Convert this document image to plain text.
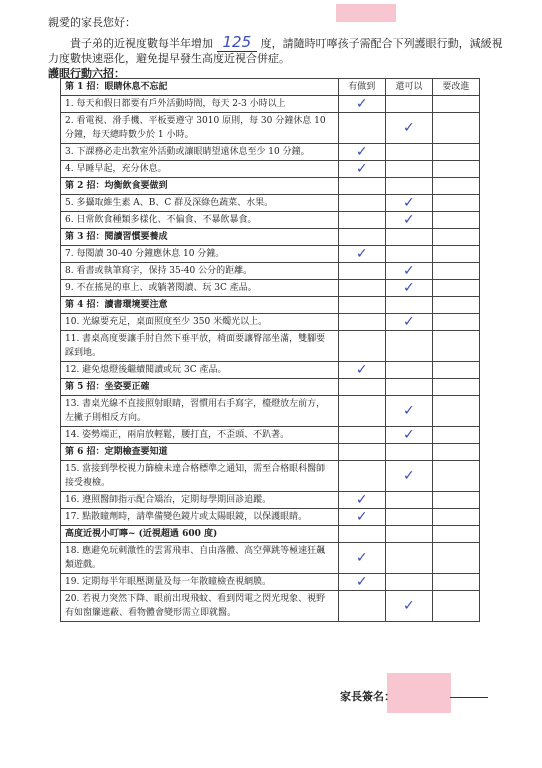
親愛的家長您好：
貴子弟的近視度數每半年增加 125 度，請隨時叮嚀孩子需配合下列護眼行動，減緩視
力度數快速惡化，避免提早發生高度近視合併症。
護眼行動六招：
第 1 招：眼睛休息不忘記	有做到	還可以	要改進
1. 每天和假日都要有戶外活動時間，每天 2-3 小時以上	✓		
2. 看電視、滑手機、平板要遵守 3010 原則，每 30 分鐘休息 10 分鐘，每天總時數少於 1 小時。		✓	
3. 下課務必走出教室外活動或讓眼睛望遠休息至少 10 分鐘。	✓		
4. 早睡早起，充分休息。	✓		
第 2 招：均衡飲食要做到			
5. 多攝取維生素 A、B、C 群及深綠色蔬菜、水果。		✓	
6. 日常飲食種類多樣化、不偏食、不暴飲暴食。		✓	
第 3 招：閱讀習慣要養成			
7. 每閱讀 30-40 分鐘應休息 10 分鐘。	✓		
8. 看書或執筆寫字，保持 35-40 公分的距離。		✓	
9. 不在搖晃的車上、或躺著閱讀、玩 3C 產品。		✓	
第 4 招：讀書環境要注意			
10. 光線要充足，桌面照度至少 350 米燭光以上。		✓	
11. 書桌高度要讓手肘自然下垂平放，椅面要讓臀部坐滿，雙腳要踩到地。			
12. 避免熄燈後繼續閱讀或玩 3C 產品。	✓		
第 5 招：坐姿要正確			
13. 書桌光線不直接照射眼睛，習慣用右手寫字，檯燈放左前方，左撇子則相反方向。		✓	
14. 姿勢端正，兩肩放輕鬆，腰打直，不歪頭、不趴著。		✓	
第 6 招：定期檢查要知道			
15. 當接到學校視力篩檢未達合格標準之通知，需至合格眼科醫師接受複檢。		✓	
16. 遵照醫師指示配合矯治，定期每學期回診追蹤。	✓		
17. 點散瞳劑時，請準備變色鏡片或太陽眼鏡，以保護眼睛。	✓		
高度近視小叮嚀~ (近視超過 600 度)			
18. 應避免玩刺激性的雲霄飛車、自由落體、高空彈跳等極速狂飆類遊戲。	✓		
19. 定期每半年眼壓測量及每一年散瞳檢查視網膜。	✓		
20. 若視力突然下降、眼前出現飛蚊、看到閃電之閃光現象、視野有如窗簾遮蔽、看物體會變形需立即就醫。		✓	
家長簽名：
